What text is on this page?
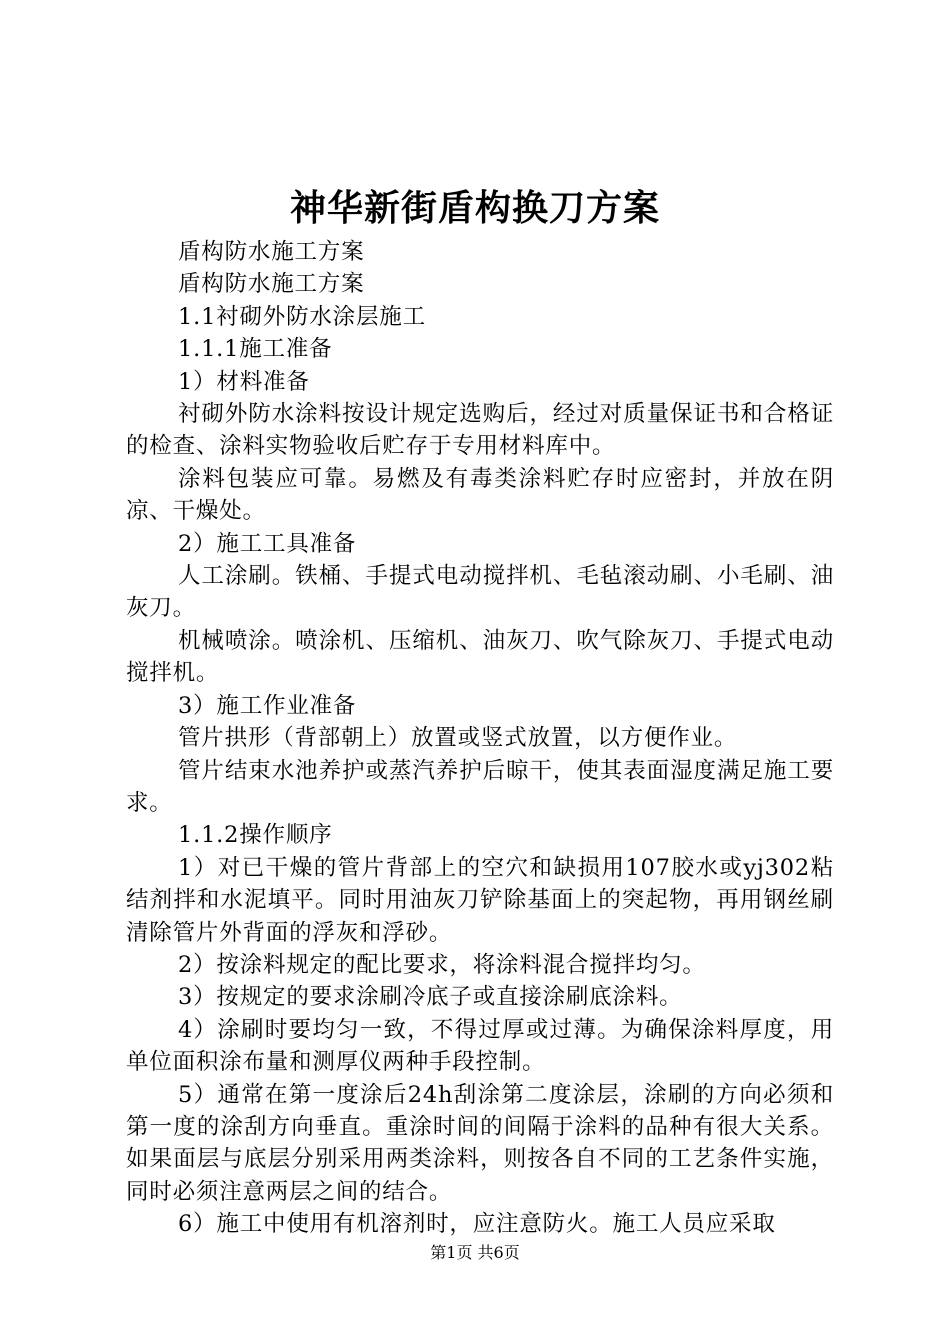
神华新街盾构换刀方案

盾构防水施工方案

盾构防水施工方案

1.1衬砌外防水涂层施工

1.1.1施工准备

1）材料准备

衬砌外防水涂料按设计规定选购后，经过对质量保证书和合格证的检查、涂料实物验收后贮存于专用材料库中。

涂料包装应可靠。易燃及有毒类涂料贮存时应密封，并放在阴凉、干燥处。

2）施工工具准备

人工涂刷。铁桶、手提式电动搅拌机、毛毡滚动刷、小毛刷、油灰刀。

机械喷涂。喷涂机、压缩机、油灰刀、吹气除灰刀、手提式电动搅拌机。

3）施工作业准备

管片拱形（背部朝上）放置或竖式放置，以方便作业。

管片结束水池养护或蒸汽养护后晾干，使其表面湿度满足施工要求。

1.1.2操作顺序

1）对已干燥的管片背部上的空穴和缺损用107胶水或yj302粘结剂拌和水泥填平。同时用油灰刀铲除基面上的突起物，再用钢丝刷清除管片外背面的浮灰和浮砂。

2）按涂料规定的配比要求，将涂料混合搅拌均匀。

3）按规定的要求涂刷冷底子或直接涂刷底涂料。

4）涂刷时要均匀一致，不得过厚或过薄。为确保涂料厚度，用单位面积涂布量和测厚仪两种手段控制。

5）通常在第一度涂后24h刮涂第二度涂层，涂刷的方向必须和第一度的涂刮方向垂直。重涂时间的间隔于涂料的品种有很大关系。如果面层与底层分别采用两类涂料，则按各自不同的工艺条件实施，同时必须注意两层之间的结合。

6）施工中使用有机溶剂时，应注意防火。施工人员应采取

第1页 共6页
